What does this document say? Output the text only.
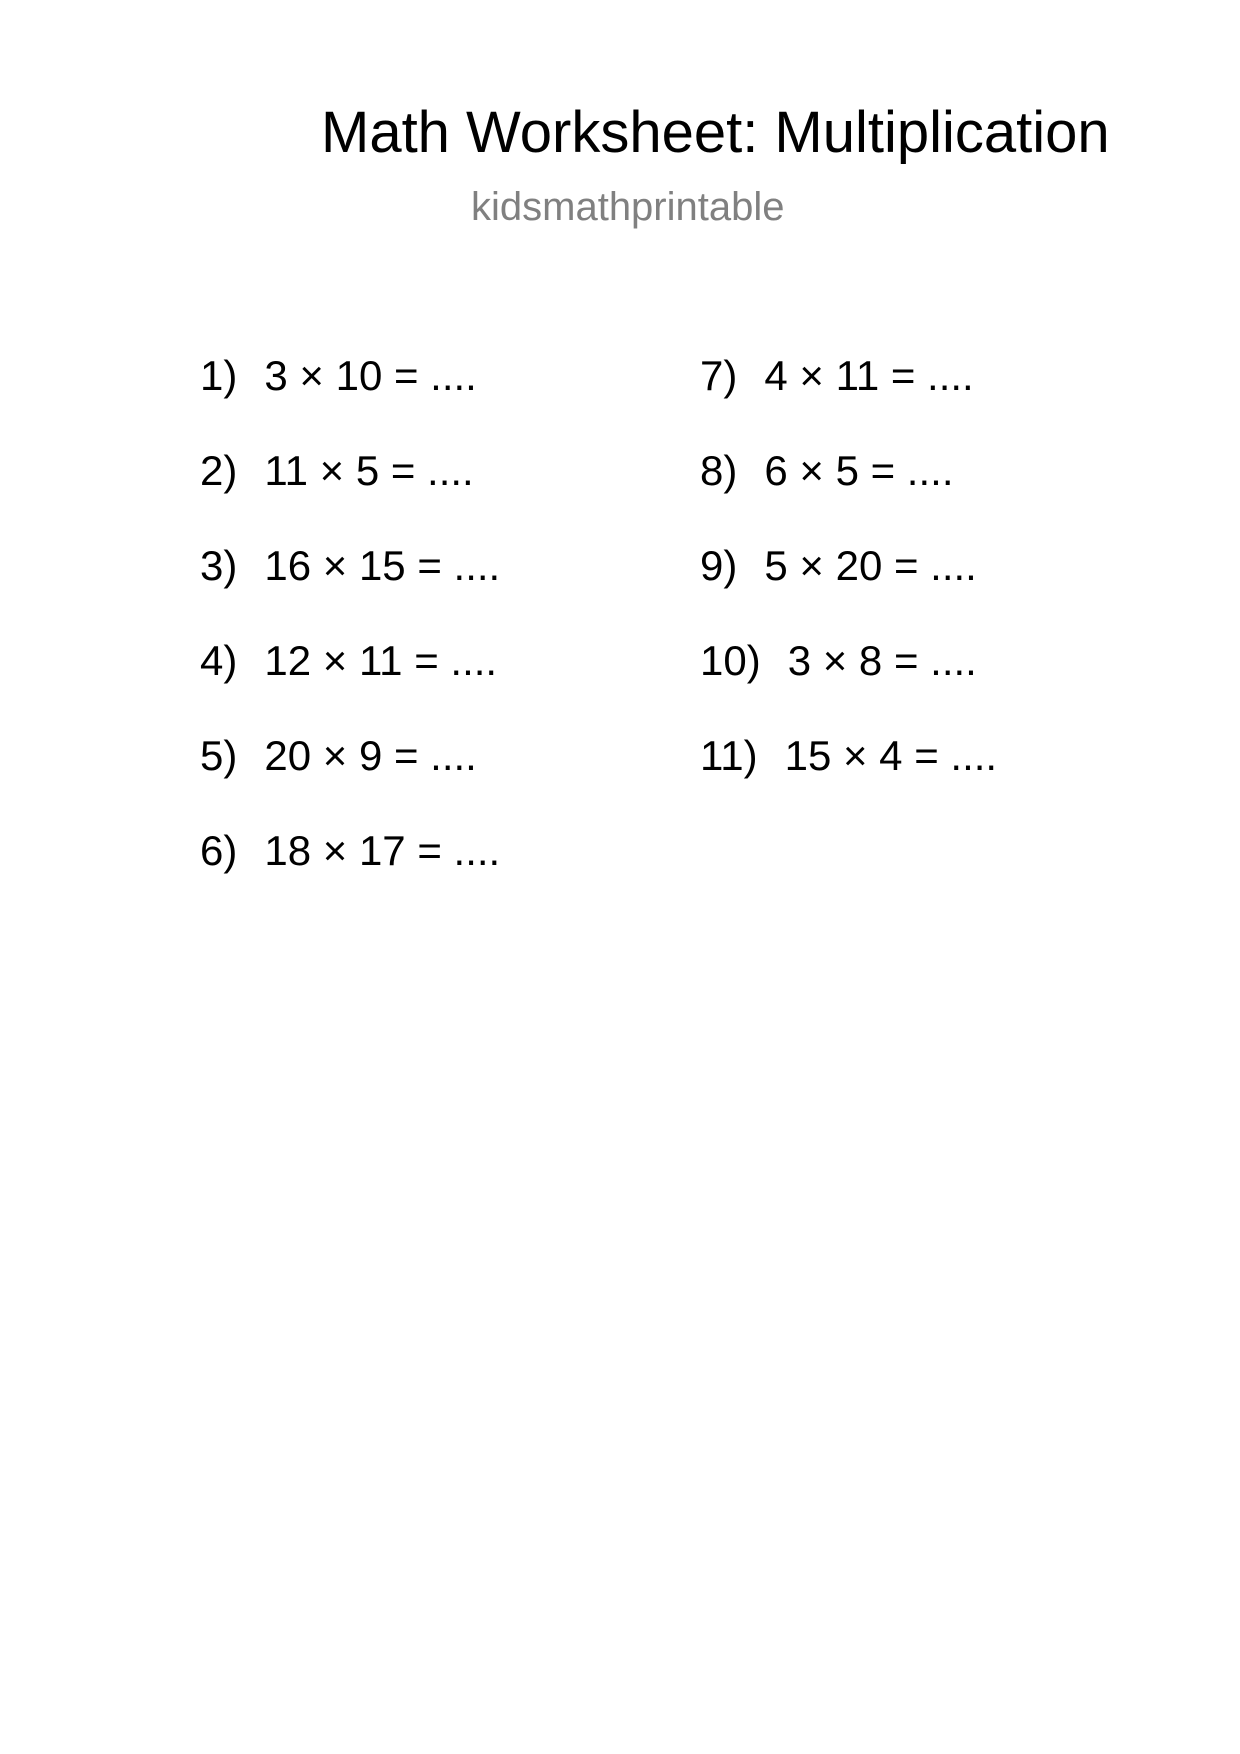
Math Worksheet: Multiplication
kidsmathprintable
1) 3 × 10 = ....
2) 11 × 5 = ....
3) 16 × 15 = ....
4) 12 × 11 = ....
5) 20 × 9 = ....
6) 18 × 17 = ....
7) 4 × 11 = ....
8) 6 × 5 = ....
9) 5 × 20 = ....
10) 3 × 8 = ....
11) 15 × 4 = ....
